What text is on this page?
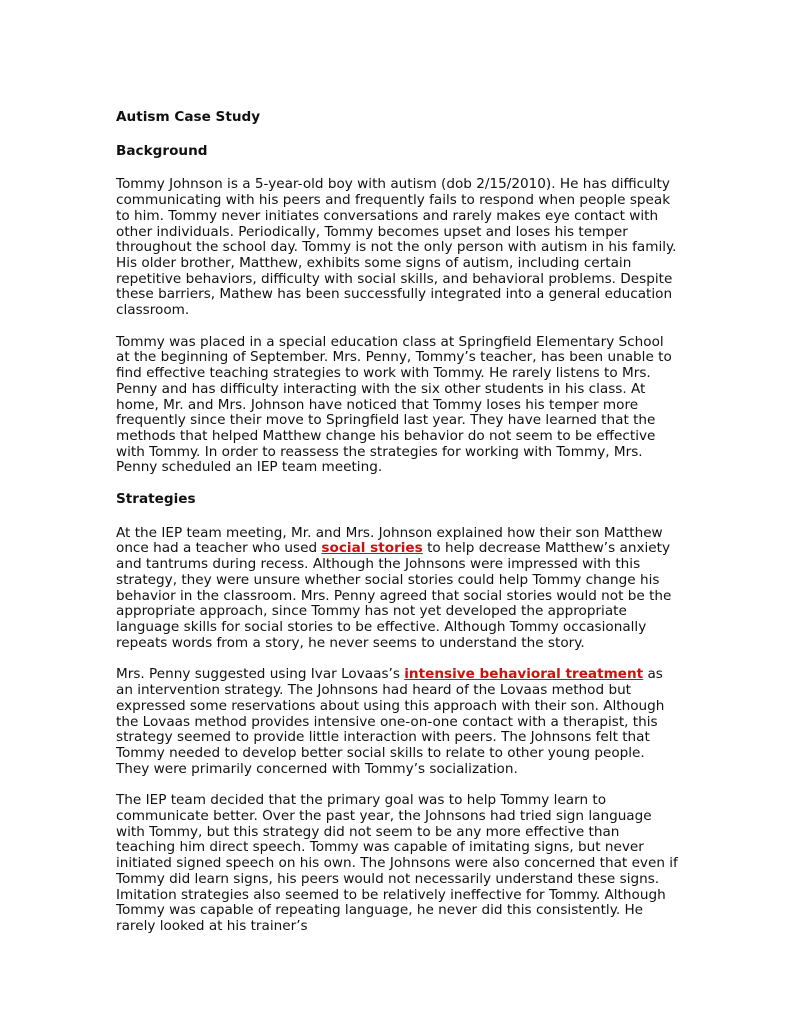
Autism Case Study
Background

Tommy Johnson is a 5-year-old boy with autism (dob 2/15/2010). He has difficulty communicating with his peers and frequently fails to respond when people speak to him. Tommy never initiates conversations and rarely makes eye contact with other individuals. Periodically, Tommy becomes upset and loses his temper throughout the school day. Tommy is not the only person with autism in his family. His older brother, Matthew, exhibits some signs of autism, including certain repetitive behaviors, difficulty with social skills, and behavioral problems. Despite these barriers, Mathew has been successfully integrated into a general education classroom.

Tommy was placed in a special education class at Springfield Elementary School at the beginning of September. Mrs. Penny, Tommy’s teacher, has been unable to find effective teaching strategies to work with Tommy. He rarely listens to Mrs. Penny and has difficulty interacting with the six other students in his class. At home, Mr. and Mrs. Johnson have noticed that Tommy loses his temper more frequently since their move to Springfield last year. They have learned that the methods that helped Matthew change his behavior do not seem to be effective with Tommy. In order to reassess the strategies for working with Tommy, Mrs. Penny scheduled an IEP team meeting.

Strategies

At the IEP team meeting, Mr. and Mrs. Johnson explained how their son Matthew once had a teacher who used social stories to help decrease Matthew’s anxiety and tantrums during recess. Although the Johnsons were impressed with this strategy, they were unsure whether social stories could help Tommy change his behavior in the classroom. Mrs. Penny agreed that social stories would not be the appropriate approach, since Tommy has not yet developed the appropriate language skills for social stories to be effective. Although Tommy occasionally repeats words from a story, he never seems to understand the story.

Mrs. Penny suggested using Ivar Lovaas’s intensive behavioral treatment as an intervention strategy. The Johnsons had heard of the Lovaas method but expressed some reservations about using this approach with their son. Although the Lovaas method provides intensive one-on-one contact with a therapist, this strategy seemed to provide little interaction with peers. The Johnsons felt that Tommy needed to develop better social skills to relate to other young people. They were primarily concerned with Tommy’s socialization.

The IEP team decided that the primary goal was to help Tommy learn to communicate better. Over the past year, the Johnsons had tried sign language with Tommy, but this strategy did not seem to be any more effective than teaching him direct speech. Tommy was capable of imitating signs, but never initiated signed speech on his own. The Johnsons were also concerned that even if Tommy did learn signs, his peers would not necessarily understand these signs. Imitation strategies also seemed to be relatively ineffective for Tommy. Although Tommy was capable of repeating language, he never did this consistently. He rarely looked at his trainer’s
